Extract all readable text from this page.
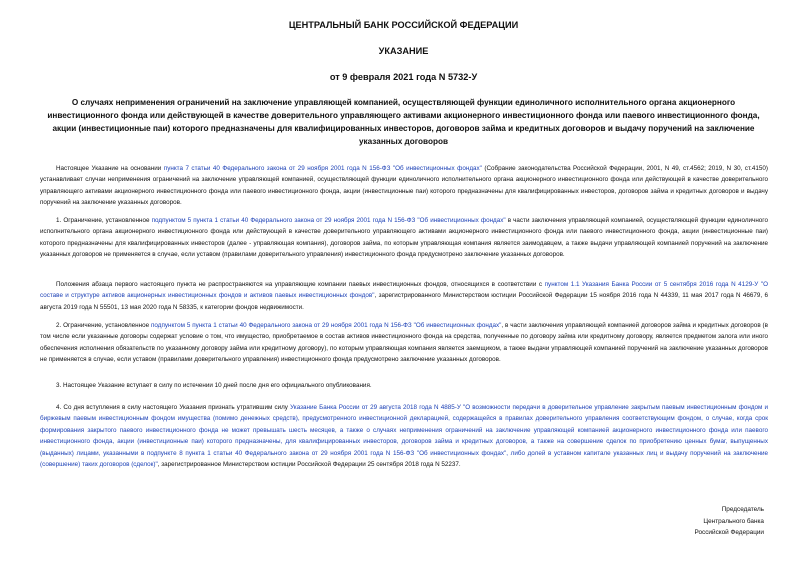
ЦЕНТРАЛЬНЫЙ БАНК РОССИЙСКОЙ ФЕДЕРАЦИИ
УКАЗАНИЕ
от 9 февраля 2021 года N 5732-У
О случаях неприменения ограничений на заключение управляющей компанией, осуществляющей функции единоличного исполнительного органа акционерного инвестиционного фонда или действующей в качестве доверительного управляющего активами акционерного инвестиционного фонда или паевого инвестиционного фонда, акции (инвестиционные паи) которого предназначены для квалифицированных инвесторов, договоров займа и кредитных договоров и выдачу поручений на заключение указанных договоров

Настоящее Указание на основании пункта 7 статьи 40 Федерального закона от 29 ноября 2001 года N 156-ФЗ "Об инвестиционных фондах" (Собрание законодательства Российской Федерации, 2001, N 49, ст.4562; 2019, N 30, ст.4150) устанавливает случаи неприменения ограничений на заключение управляющей компанией, осуществляющей функции единоличного исполнительного органа акционерного инвестиционного фонда или действующей в качестве доверительного управляющего активами акционерного инвестиционного фонда или паевого инвестиционного фонда, акции (инвестиционные паи) которого предназначены для квалифицированных инвесторов, договоров займа и кредитных договоров и выдачу поручений на заключение указанных договоров.

1. Ограничение, установленное подпунктом 5 пункта 1 статьи 40 Федерального закона от 29 ноября 2001 года N 156-ФЗ "Об инвестиционных фондах" в части заключения управляющей компанией, осуществляющей функции единоличного исполнительного органа акционерного инвестиционного фонда или действующей в качестве доверительного управляющего активами акционерного инвестиционного фонда или паевого инвестиционного фонда, акции (инвестиционные паи) которого предназначены для квалифицированных инвесторов (далее - управляющая компания), договоров займа, по которым управляющая компания является заимодавцем, а также выдачи управляющей компанией поручений на заключение указанных договоров не применяется в случае, если уставом (правилами доверительного управления) инвестиционного фонда предусмотрено заключение указанных договоров.

Положения абзаца первого настоящего пункта не распространяются на управляющие компании паевых инвестиционных фондов, относящихся в соответствии с пунктом 1.1 Указания Банка России от 5 сентября 2016 года N 4129-У "О составе и структуре активов акционерных инвестиционных фондов и активов паевых инвестиционных фондов", зарегистрированного Министерством юстиции Российской Федерации 15 ноября 2016 года N 44339, 11 мая 2017 года N 46679, 6 августа 2019 года N 55501, 13 мая 2020 года N 58335, к категории фондов недвижимости.

2. Ограничение, установленное подпунктом 5 пункта 1 статьи 40 Федерального закона от 29 ноября 2001 года N 156-ФЗ "Об инвестиционных фондах", в части заключения управляющей компанией договоров займа и кредитных договоров (в том числе если указанные договоры содержат условие о том, что имущество, приобретаемое в состав активов инвестиционного фонда на средства, полученные по договору займа или кредитному договору, является предметом залога или иного обеспечения исполнения обязательств по указанному договору займа или кредитному договору), по которым управляющая компания является заемщиком, а также выдачи управляющей компанией поручений на заключение указанных договоров не применяется в случае, если уставом (правилами доверительного управления) инвестиционного фонда предусмотрено заключение указанных договоров.

3. Настоящее Указание вступает в силу по истечении 10 дней после дня его официального опубликования.

4. Со дня вступления в силу настоящего Указания признать утратившим силу Указание Банка России от 29 августа 2018 года N 4885-У "О возможности передачи в доверительное управление закрытым паевым инвестиционным фондом и биржевым паевым инвестиционным фондом имущества (помимо денежных средств), предусмотренного инвестиционной декларацией, содержащейся в правилах доверительного управления соответствующим фондом, о случае, когда срок формирования закрытого паевого инвестиционного фонда не может превышать шесть месяцев, а также о случаях неприменения ограничений на заключение управляющей компанией акционерного инвестиционного фонда или паевого инвестиционного фонда, акции (инвестиционные паи) которого предназначены, для квалифицированных инвесторов, договоров займа и кредитных договоров, а также на совершение сделок по приобретению ценных бумаг, выпущенных (выданных) лицами, указанными в подпункте 8 пункта 1 статьи 40 Федерального закона от 29 ноября 2001 года N 156-ФЗ "Об инвестиционных фондах", либо долей в уставном капитале указанных лиц и выдачу поручений на заключение (совершение) таких договоров (сделок)", зарегистрированное Министерством юстиции Российской Федерации 25 сентября 2018 года N 52237.

Председатель
Центрального банка
Российской Федерации
